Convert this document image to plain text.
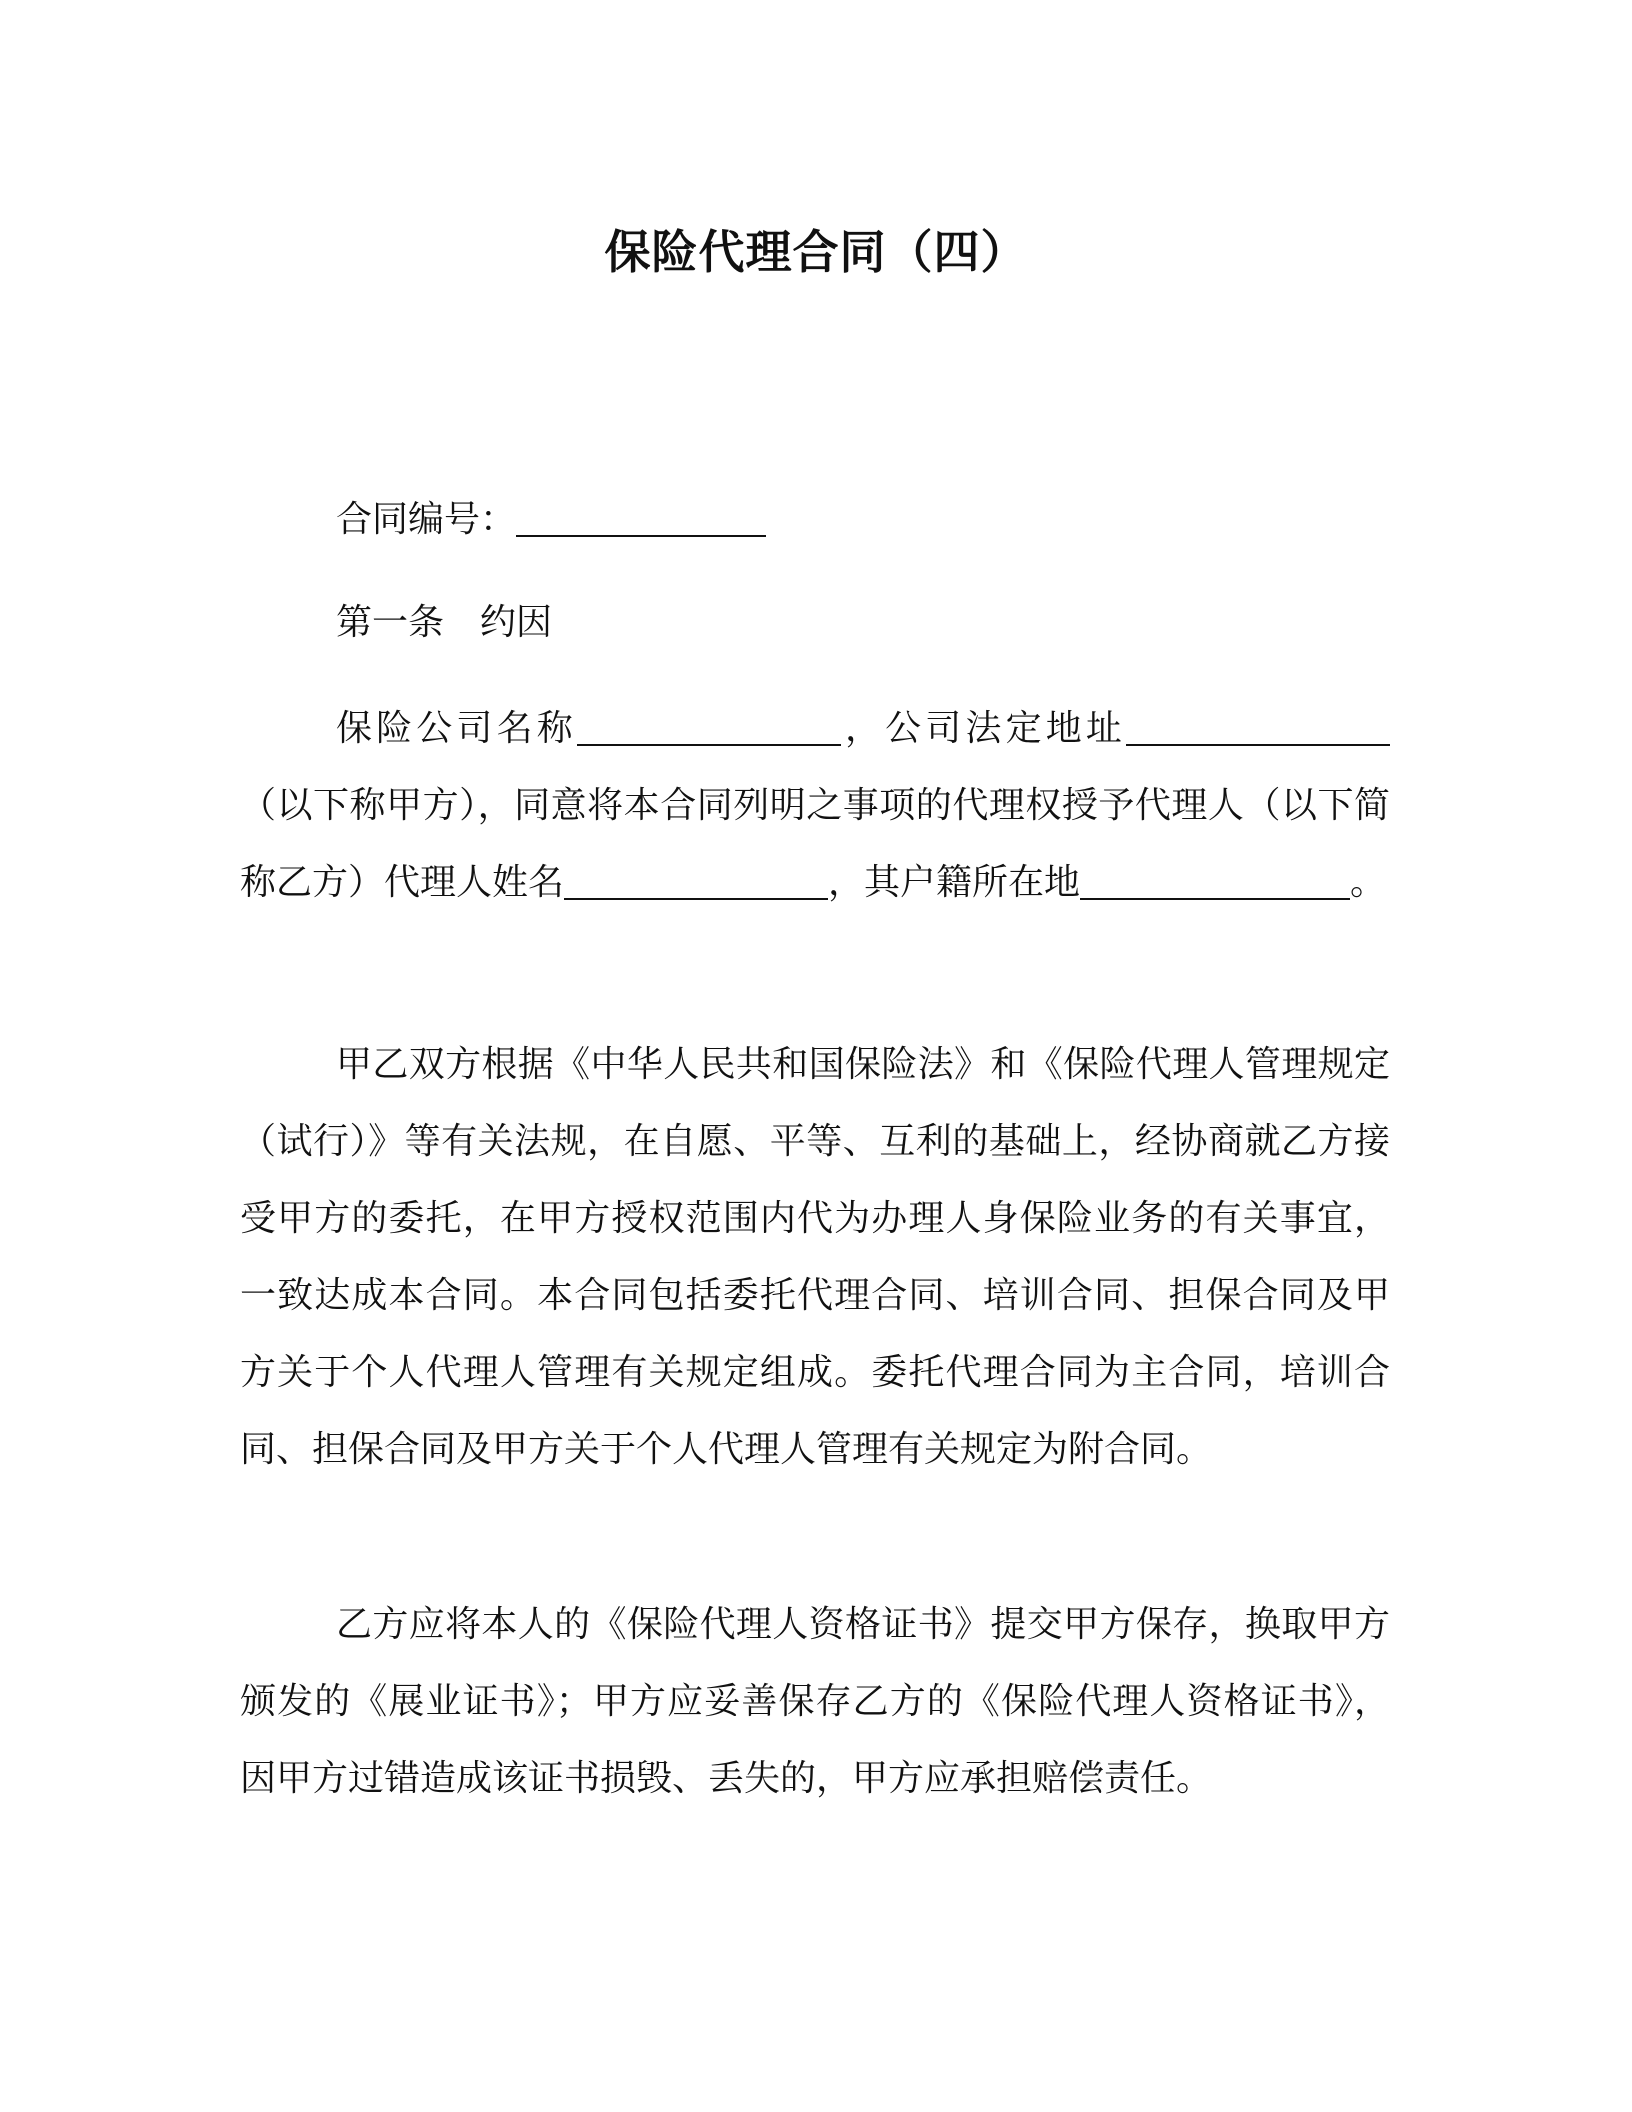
保险代理合同（四）

合同编号：

第一条　约因

保险公司名称	，公司法定地址（以下称甲方），同意将本合同列明之事项的代理权授予代理人（以下简称乙方）代理人姓名	，其户籍所在地	。

甲乙双方根据《中华人民共和国保险法》和《保险代理人管理规定（试行）》等有关法规，在自愿、平等、互利的基础上，经协商就乙方接受甲方的委托，在甲方授权范围内代为办理人身保险业务的有关事宜，一致达成本合同。本合同包括委托代理合同、培训合同、担保合同及甲方关于个人代理人管理有关规定组成。委托代理合同为主合同，培训合同、担保合同及甲方关于个人代理人管理有关规定为附合同。

乙方应将本人的《保险代理人资格证书》提交甲方保存，换取甲方颁发的《展业证书》；甲方应妥善保存乙方的《保险代理人资格证书》，因甲方过错造成该证书损毁、丢失的，甲方应承担赔偿责任。
